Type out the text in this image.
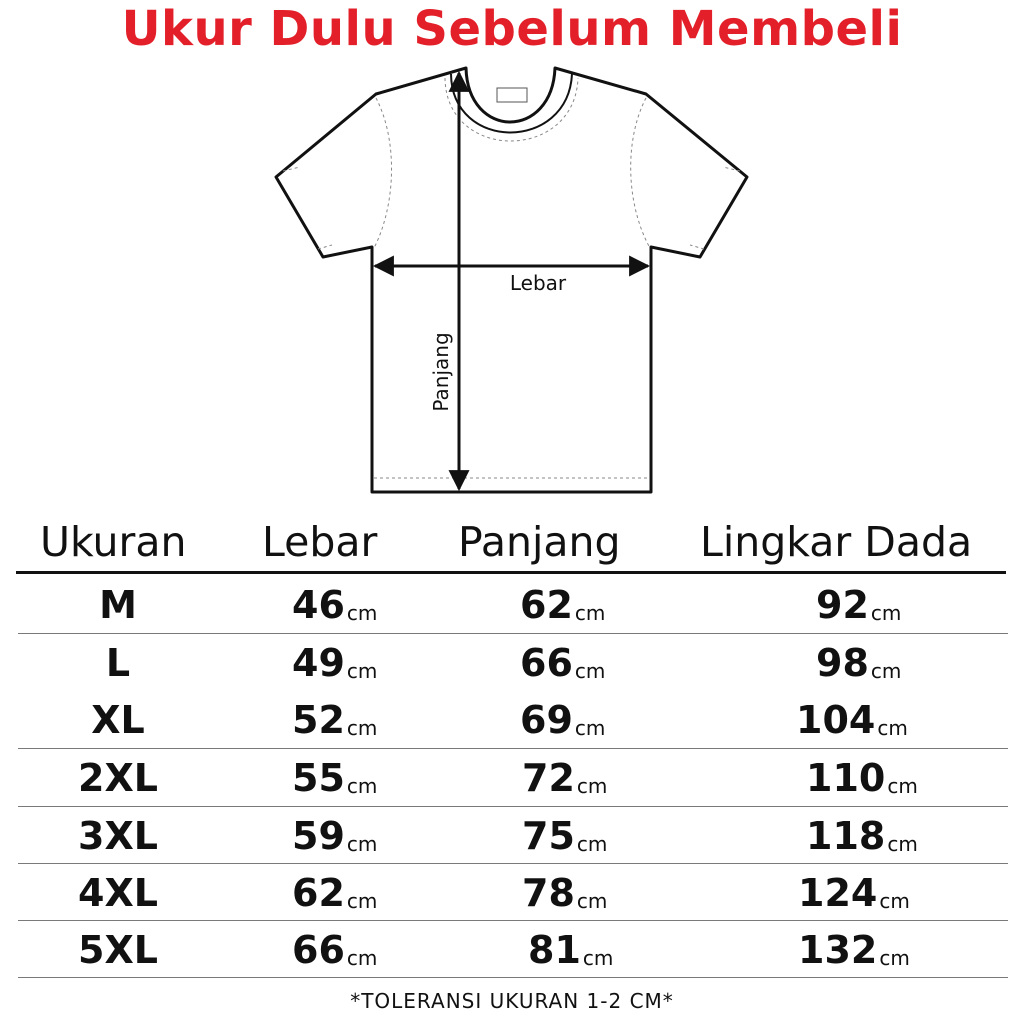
Ukur Dulu Sebelum Membeli
Lebar
Panjang
Ukuran Lebar Panjang Lingkar Dada
M	46 cm	62 cm	92 cm
L	49 cm	66 cm	98 cm
XL	52 cm	69 cm	104 cm
2XL	55 cm	72 cm	110 cm
3XL	59 cm	75 cm	118 cm
4XL	62 cm	78 cm	124 cm
5XL	66 cm	81 cm	132 cm
*TOLERANSI UKURAN 1-2 CM*
